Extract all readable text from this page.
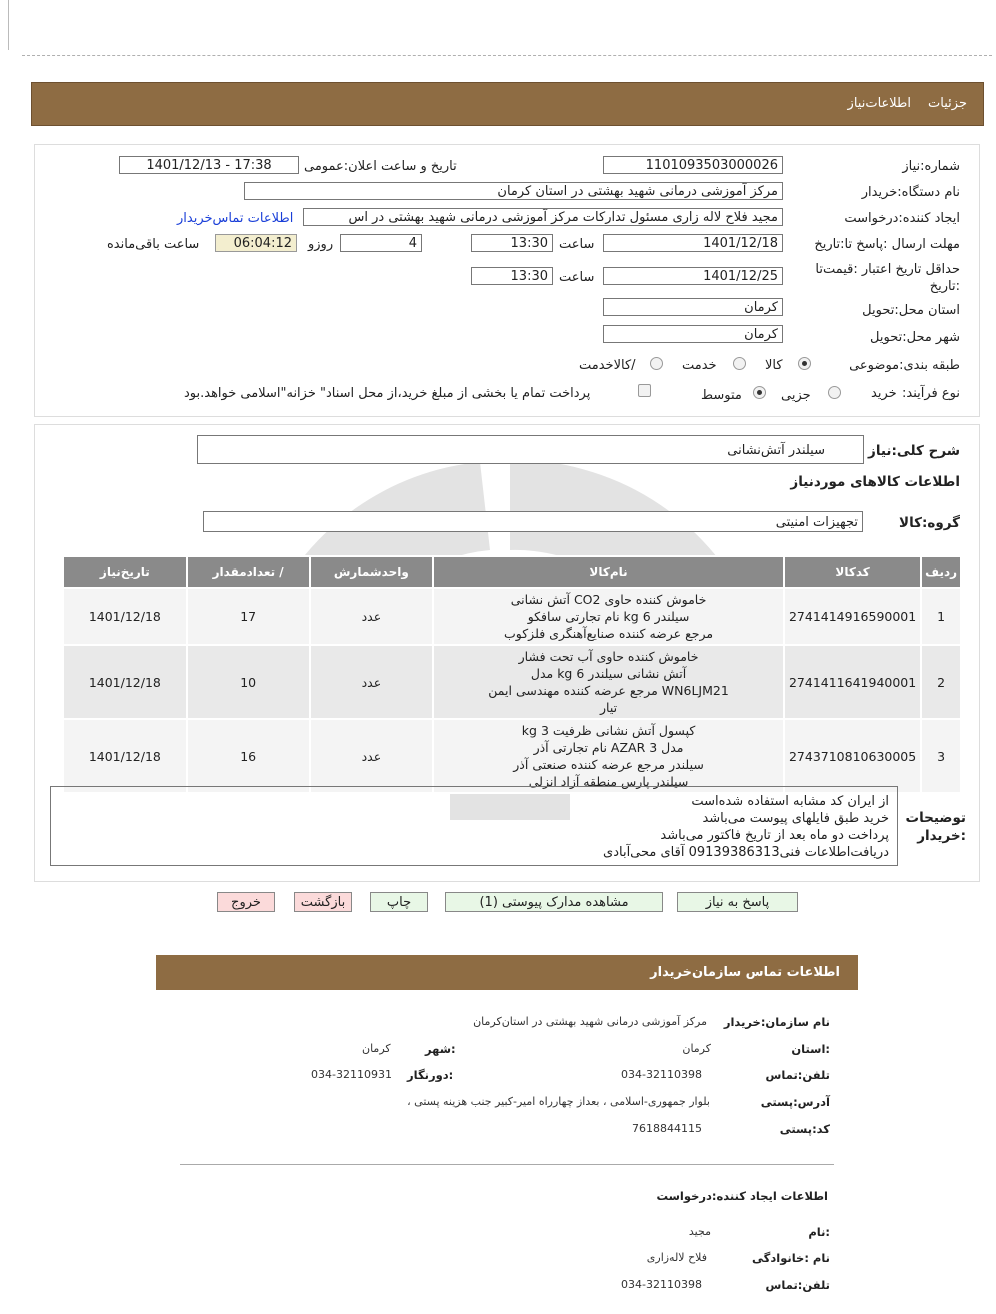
جزئیات
اطلاعات‌نیاز
شماره:نیاز
1101093503000026
تاریخ و ساعت اعلان:عمومی
1401/12/13 - 17:38
نام دستگاه:خریدار
مرکز آموزشی درمانی شهید بهشتی در استان کرمان
ایجاد کننده:درخواست
مجید فلاح لاله زاری مسئول تدارکات مرکز آموزشی درمانی شهید بهشتی در اس
اطلاعات تماس‌خریدار
مهلت ارسال :پاسخ تا:تاریخ
1401/12/18
ساعت
13:30
4
روزو
06:04:12
ساعت باقی‌مانده
حداقل تاریخ اعتبار :قیمت‌تا
:تاریخ
1401/12/25
ساعت
13:30
استان محل:تحویل
کرمان
شهر محل:تحویل
کرمان
طبقه بندی:موضوعی
کالا
خدمت
/کالاخدمت
نوع فرآیند:
خرید
جزیی
متوسط
پرداخت تمام یا بخشی از مبلغ خرید،از محل اسناد" خزانه"اسلامی خواهد.بود
شرح کلی:نیاز
سیلندر آتش‌نشانی
اطلاعات کالاهای موردنیاز
گروه:کالا
تجهیزات امنیتی
ردیف	کدکالا	نام‌کالا	واحدشمارش	/ تعدادمقدار	تاریخ‌نیاز
1	2741414916590001	خاموش کننده حاوی CO2 آتش نشانی
سیلندر 6 kg نام تجارتی سافکو
مرجع عرضه کننده صنایع‌آهنگری فلزکوب	عدد	17	1401/12/18
2	2741411641940001	خاموش کننده حاوی آب تحت فشار
آتش نشانی سیلندر 6 kg مدل
WN6LJM21 مرجع عرضه کننده مهندسی ایمن
تیار	عدد	10	1401/12/18
3	2743710810630005	کپسول آتش نشانی ظرفیت 3 kg
مدل AZAR 3 نام تجارتی آذر
سیلندر مرجع عرضه کننده صنعتی آذر
سیلندر پارس منطقه آزاد انزلی	عدد	16	1401/12/18
توضیحات
:خریدار
از ایران کد مشابه استفاده شده‌است
خرید طبق فایلهای پیوست می‌باشد
پرداخت دو ماه بعد از تاریخ فاکتور می‌باشد
دریافت‌اطلاعات فنی09139386313 آقای محی‌آبادی
پاسخ به نیاز
مشاهده مدارک پیوستی (1)
چاپ
بازگشت
خروج
اطلاعات تماس سازمان‌خریدار
نام سازمان:خریدار
مرکز آموزشی درمانی شهید بهشتی در استان‌کرمان
:استان
کرمان
:شهر
کرمان
تلفن:تماس
034-32110398
:دورنگار
034-32110931
آدرس:پستی
بلوار جمهوری-اسلامی ، بعداز چهارراه امیر-کبیر جنب هزینه پستی ،
کد:پستی
7618844115
اطلاعات ایجاد کننده:درخواست
:نام
مجید
نام :خانوادگی
فلاح لاله‌زاری
تلفن:تماس
034-32110398
